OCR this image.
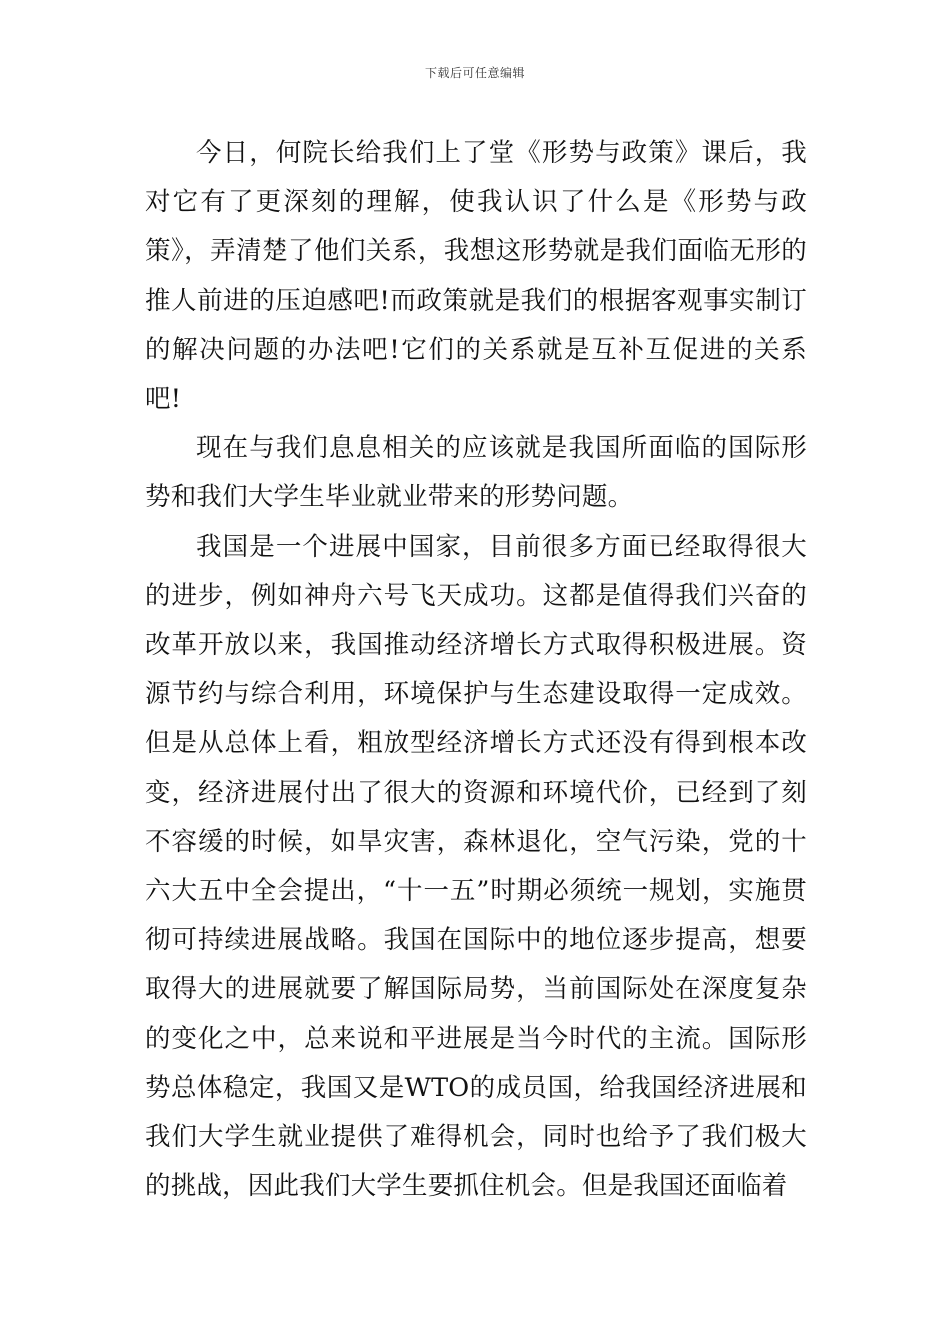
下载后可任意编辑

今日，何院长给我们上了堂《形势与政策》课后，我对它有了更深刻的理解，使我认识了什么是《形势与政策》，弄清楚了他们关系，我想这形势就是我们面临无形的推人前进的压迫感吧!而政策就是我们的根据客观事实制订的解决问题的办法吧!它们的关系就是互补互促进的关系吧!

现在与我们息息相关的应该就是我国所面临的国际形势和我们大学生毕业就业带来的形势问题。

我国是一个进展中国家，目前很多方面已经取得很大的进步，例如神舟六号飞天成功。这都是值得我们兴奋的改革开放以来，我国推动经济增长方式取得积极进展。资源节约与综合利用，环境保护与生态建设取得一定成效。但是从总体上看，粗放型经济增长方式还没有得到根本改变，经济进展付出了很大的资源和环境代价，已经到了刻不容缓的时候，如旱灾害，森林退化，空气污染，党的十六大五中全会提出，“十一五”时期必须统一规划，实施贯彻可持续进展战略。我国在国际中的地位逐步提高，想要取得大的进展就要了解国际局势，当前国际处在深度复杂的变化之中，总来说和平进展是当今时代的主流。国际形势总体稳定，我国又是WTO的成员国，给我国经济进展和我们大学生就业提供了难得机会，同时也给予了我们极大的挑战，因此我们大学生要抓住机会。但是我国还面临着
